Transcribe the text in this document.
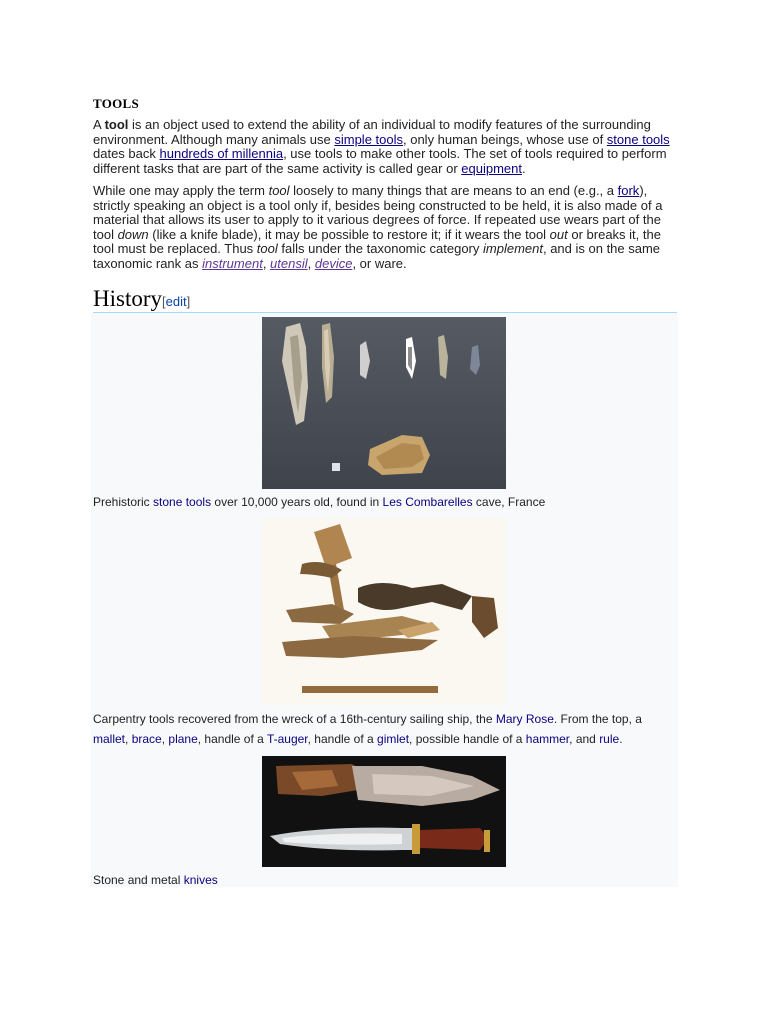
TOOLS

A tool is an object used to extend the ability of an individual to modify features of the surrounding environment. Although many animals use simple tools, only human beings, whose use of stone tools dates back hundreds of millennia, use tools to make other tools. The set of tools required to perform different tasks that are part of the same activity is called gear or equipment.

While one may apply the term tool loosely to many things that are means to an end (e.g., a fork), strictly speaking an object is a tool only if, besides being constructed to be held, it is also made of a material that allows its user to apply to it various degrees of force. If repeated use wears part of the tool down (like a knife blade), it may be possible to restore it; if it wears the tool out or breaks it, the tool must be replaced. Thus tool falls under the taxonomic category implement, and is on the same taxonomic rank as instrument, utensil, device, or ware.

History[edit]

Prehistoric stone tools over 10,000 years old, found in Les Combarelles cave, France

Carpentry tools recovered from the wreck of a 16th-century sailing ship, the Mary Rose. From the top, a mallet, brace, plane, handle of a T-auger, handle of a gimlet, possible handle of a hammer, and rule.

Stone and metal knives
